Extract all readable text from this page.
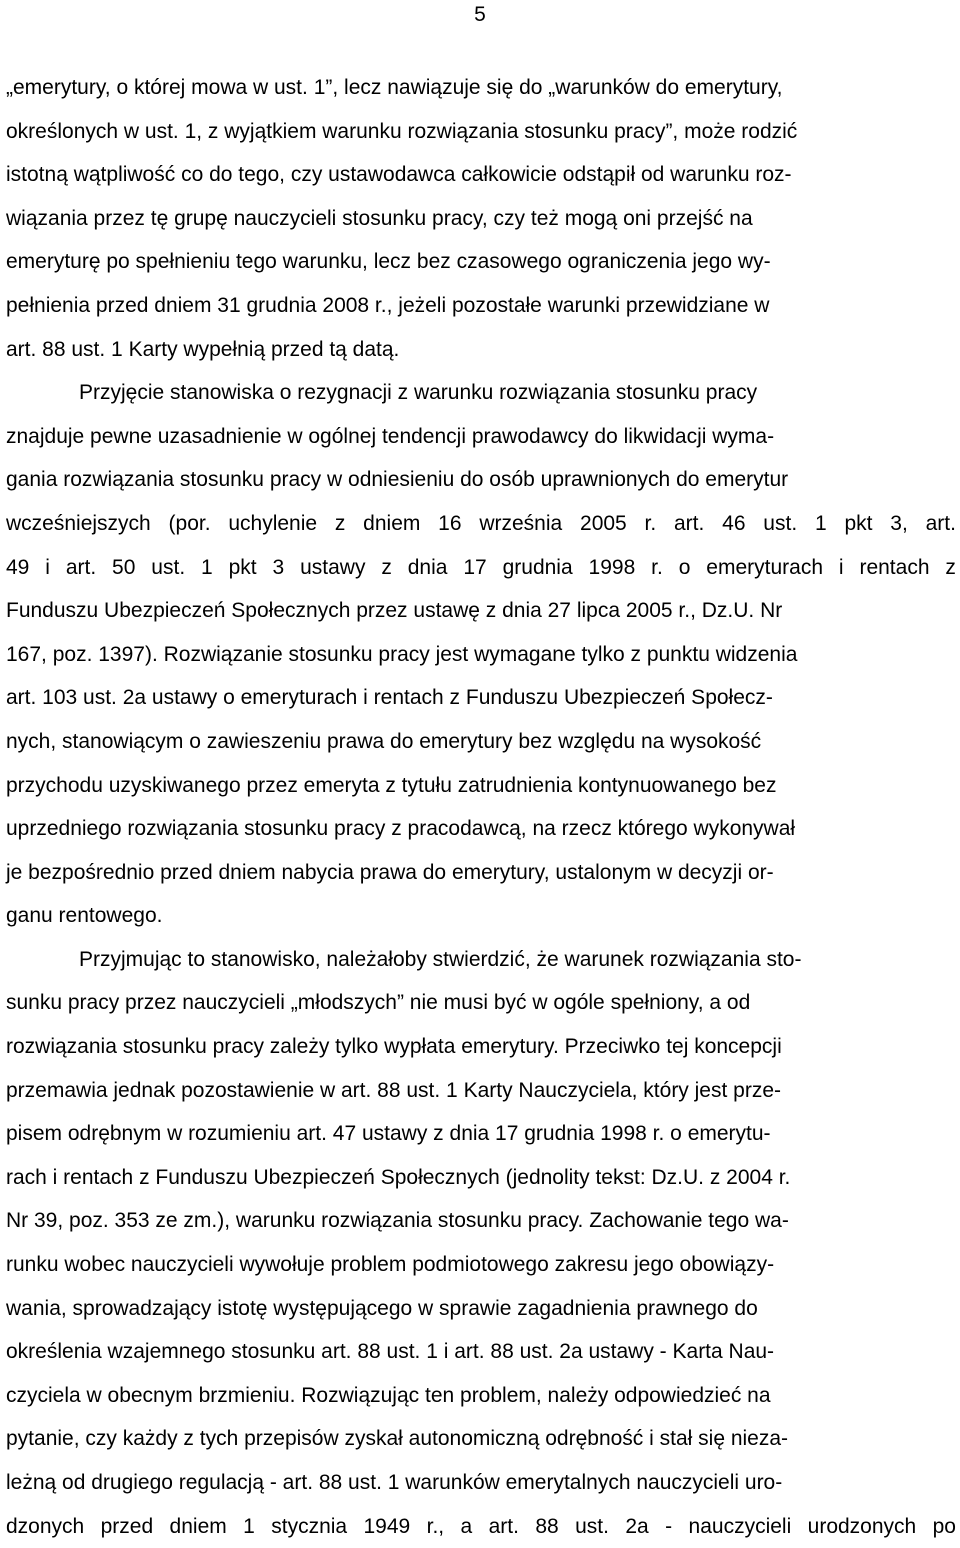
5
„emerytury, o której mowa w ust. 1”, lecz nawiązuje się do „warunków do emerytury,
określonych w ust. 1, z wyjątkiem warunku rozwiązania stosunku pracy”, może rodzić
istotną wątpliwość co do tego, czy ustawodawca całkowicie odstąpił od warunku roz-
wiązania przez tę grupę nauczycieli stosunku pracy, czy też mogą oni przejść na
emeryturę po spełnieniu tego warunku, lecz bez czasowego ograniczenia jego wy-
pełnienia przed dniem 31 grudnia 2008 r., jeżeli pozostałe warunki przewidziane w
art. 88 ust. 1 Karty wypełnią przed tą datą.
Przyjęcie stanowiska o rezygnacji z warunku rozwiązania stosunku pracy
znajduje pewne uzasadnienie w ogólnej tendencji prawodawcy do likwidacji wyma-
gania rozwiązania stosunku pracy w odniesieniu do osób uprawnionych do emerytur
wcześniejszych (por. uchylenie z dniem 16 września 2005 r. art. 46 ust. 1 pkt 3, art.
49 i art. 50 ust. 1 pkt 3 ustawy z dnia 17 grudnia 1998 r. o emeryturach i rentach z
Funduszu Ubezpieczeń Społecznych przez ustawę z dnia 27 lipca 2005 r., Dz.U. Nr
167, poz. 1397). Rozwiązanie stosunku pracy jest wymagane tylko z punktu widzenia
art. 103 ust. 2a ustawy o emeryturach i rentach z Funduszu Ubezpieczeń Społecz-
nych, stanowiącym o zawieszeniu prawa do emerytury bez względu na wysokość
przychodu uzyskiwanego przez emeryta z tytułu zatrudnienia kontynuowanego bez
uprzedniego rozwiązania stosunku pracy z pracodawcą, na rzecz którego wykonywał
je bezpośrednio przed dniem nabycia prawa do emerytury, ustalonym w decyzji or-
ganu rentowego.
Przyjmując to stanowisko, należałoby stwierdzić, że warunek rozwiązania sto-
sunku pracy przez nauczycieli „młodszych” nie musi być w ogóle spełniony, a od
rozwiązania stosunku pracy zależy tylko wypłata emerytury. Przeciwko tej koncepcji
przemawia jednak pozostawienie w art. 88 ust. 1 Karty Nauczyciela, który jest prze-
pisem odrębnym w rozumieniu art. 47 ustawy z dnia 17 grudnia 1998 r. o emerytu-
rach i rentach z Funduszu Ubezpieczeń Społecznych (jednolity tekst: Dz.U. z 2004 r.
Nr 39, poz. 353 ze zm.), warunku rozwiązania stosunku pracy. Zachowanie tego wa-
runku wobec nauczycieli wywołuje problem podmiotowego zakresu jego obowiązy-
wania, sprowadzający istotę występującego w sprawie zagadnienia prawnego do
określenia wzajemnego stosunku art. 88 ust. 1 i art. 88 ust. 2a ustawy - Karta Nau-
czyciela w obecnym brzmieniu. Rozwiązując ten problem, należy odpowiedzieć na
pytanie, czy każdy z tych przepisów zyskał autonomiczną odrębność i stał się nieza-
leżną od drugiego regulacją - art. 88 ust. 1 warunków emerytalnych nauczycieli uro-
dzonych przed dniem 1 stycznia 1949 r., a art. 88 ust. 2a - nauczycieli urodzonych po
